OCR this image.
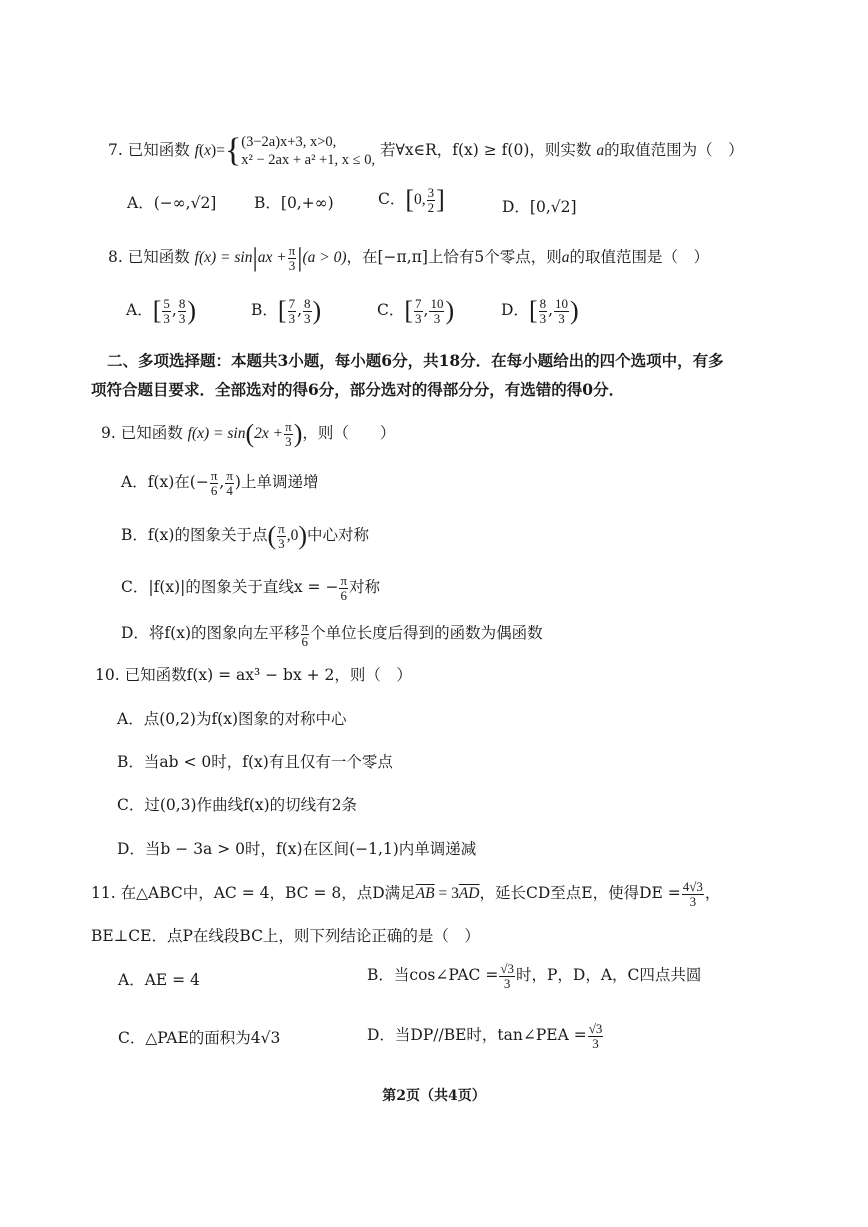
7. 已知函数 f(x)={ (3−2a)x+3, x>0,
x² − 2ax + a² +1, x ≤ 0,
若∀x∈R，f(x) ≥ f(0)，则实数 a的取值范围为（　）
A．(−∞,√2] B．[0,+∞)	C．[0, $\frac{3}{2}$ ]	D．[0,√2]
8. 已知函数 $f(x) = \sin|ax + \frac{\pi}{3} |(a > 0)$，在[−π,π]上恰有5个零点，则a的取值范围是（　）
A．[ $\frac{5}{3}$ , $\frac{8}{3}$ )	B．[ $\frac{7}{3}$ , $\frac{8}{3}$ )	C．[ $\frac{7}{3}$ , $\frac{10}{3}$ )	D．[ $\frac{8}{3}$ , $\frac{10}{3}$ )
二、多项选择题：本题共3小题，每小题6分，共18分．在每小题给出的四个选项中，有多
项符合题目要求．全部选对的得6分，部分选对的得部分分，有选错的得0分．
9. 已知函数 $f(x) = \sin(2x + \frac{\pi}{3}$ )，则（　　）
A．f(x)在(− $\frac{\pi}{6}$ , $\frac{\pi}{4}$ )上单调递增
B．f(x)的图象关于点( $\frac{\pi}{3} ,0$)中心对称
C．|f(x)|的图象关于直线x = − $\frac{\pi}{6}$ 对称
D．将f(x)的图象向左平移 $\frac{\pi}{6}$ 个单位长度后得到的函数为偶函数
10. 已知函数f(x) = ax³ − bx + 2，则（　）
A．点(0,2)为f(x)图象的对称中心
B．当ab < 0时，f(x)有且仅有一个零点
C．过(0,3)作曲线f(x)的切线有2条
D．当b − 3a > 0时，f(x)在区间(−1,1)内单调递减
11. 在△ABC中，AC = 4，BC = 8，点D满足$\overline{AB} = 3\overline{AD}$，延长CD至点E，使得DE = $\frac{4√3}{3}$ ，
BE⊥CE．点P在线段BC上，则下列结论正确的是（　）
A．AE = 4	B．当cos∠PAC = $\frac{√3}{3}$ 时，P，D，A，C四点共圆
C．△PAE的面积为4√3	D．当DP//BE时，tan∠PEA = $\frac{√3}{3}$
第2页（共4页）
